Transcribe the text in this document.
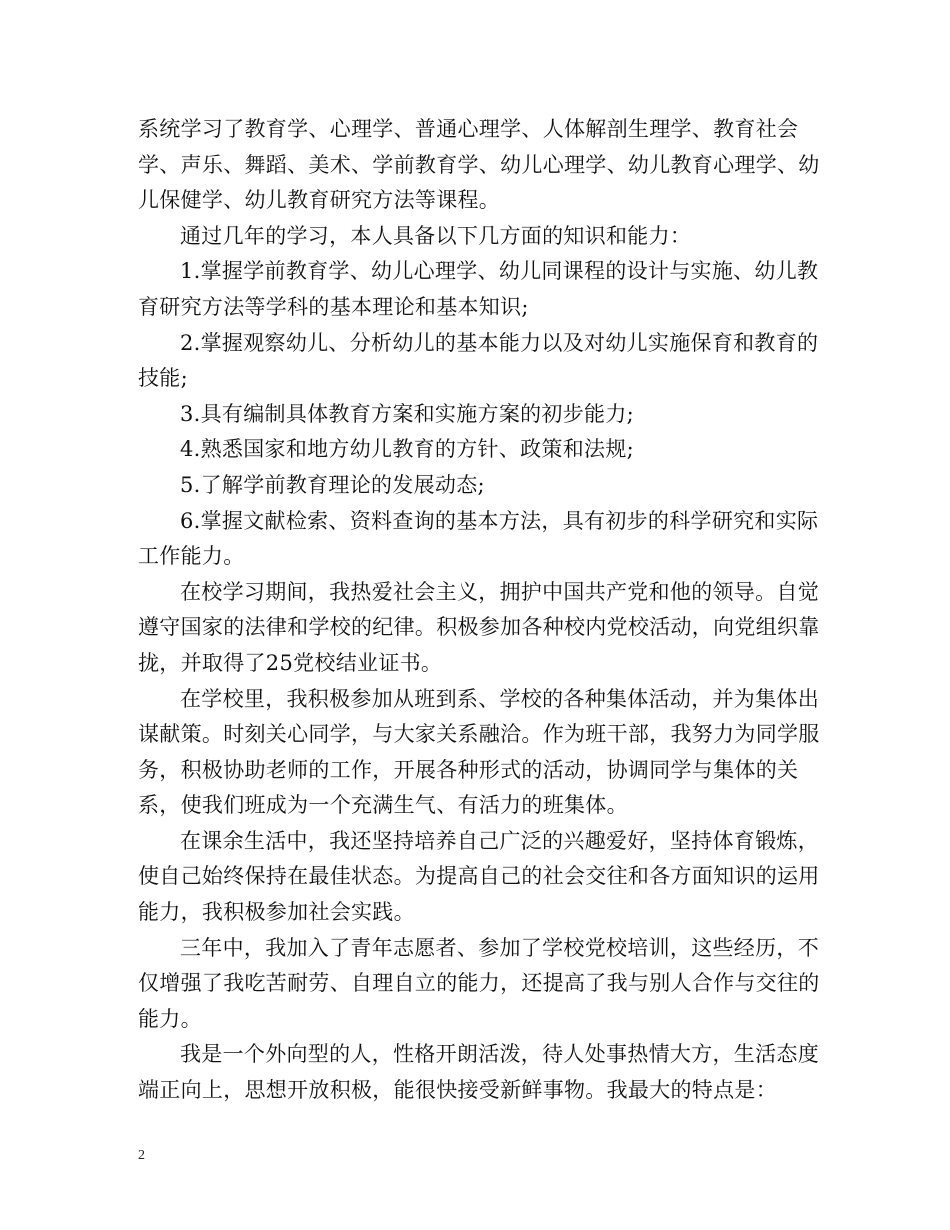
系统学习了教育学、心理学、普通心理学、人体解剖生理学、教育社会学、声乐、舞蹈、美术、学前教育学、幼儿心理学、幼儿教育心理学、幼儿保健学、幼儿教育研究方法等课程。

通过几年的学习，本人具备以下几方面的知识和能力：

1.掌握学前教育学、幼儿心理学、幼儿同课程的设计与实施、幼儿教育研究方法等学科的基本理论和基本知识;

2.掌握观察幼儿、分析幼儿的基本能力以及对幼儿实施保育和教育的技能;

3.具有编制具体教育方案和实施方案的初步能力;

4.熟悉国家和地方幼儿教育的方针、政策和法规;

5.了解学前教育理论的发展动态;

6.掌握文献检索、资料查询的基本方法，具有初步的科学研究和实际工作能力。

在校学习期间，我热爱社会主义，拥护中国共产党和他的领导。自觉遵守国家的法律和学校的纪律。积极参加各种校内党校活动，向党组织靠拢，并取得了25党校结业证书。

在学校里，我积极参加从班到系、学校的各种集体活动，并为集体出谋献策。时刻关心同学，与大家关系融洽。作为班干部，我努力为同学服务，积极协助老师的工作，开展各种形式的活动，协调同学与集体的关系，使我们班成为一个充满生气、有活力的班集体。

在课余生活中，我还坚持培养自己广泛的兴趣爱好，坚持体育锻炼，使自己始终保持在最佳状态。为提高自己的社会交往和各方面知识的运用能力，我积极参加社会实践。

三年中，我加入了青年志愿者、参加了学校党校培训，这些经历，不仅增强了我吃苦耐劳、自理自立的能力，还提高了我与别人合作与交往的能力。

我是一个外向型的人，性格开朗活泼，待人处事热情大方，生活态度端正向上，思想开放积极，能很快接受新鲜事物。我最大的特点是：

2
